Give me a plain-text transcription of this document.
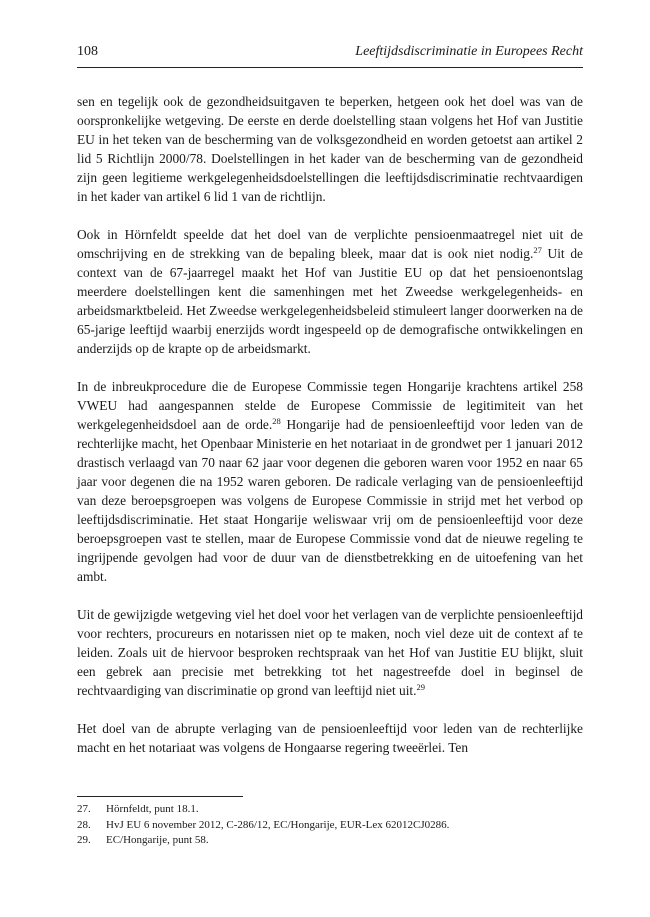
108	Leeftijdsdiscriminatie in Europees Recht

sen en tegelijk ook de gezondheidsuitgaven te beperken, hetgeen ook het doel was van de oorspronkelijke wetgeving. De eerste en derde doelstelling staan volgens het Hof van Justitie EU in het teken van de bescherming van de volksgezondheid en worden getoetst aan artikel 2 lid 5 Richtlijn 2000/78. Doelstellingen in het kader van de bescherming van de gezondheid zijn geen legitieme werkgelegenheidsdoelstellingen die leeftijdsdiscriminatie rechtvaardigen in het kader van artikel 6 lid 1 van de richtlijn.

Ook in Hörnfeldt speelde dat het doel van de verplichte pensioenmaatregel niet uit de omschrijving en de strekking van de bepaling bleek, maar dat is ook niet nodig.$^{27}$ Uit de context van de 67-jaarregel maakt het Hof van Justitie EU op dat het pensioenontslag meerdere doelstellingen kent die samenhingen met het Zweedse werkgelegenheids- en arbeidsmarktbeleid. Het Zweedse werkgelegenheidsbeleid stimuleert langer doorwerken na de 65-jarige leeftijd waarbij enerzijds wordt ingespeeld op de demografische ontwikkelingen en anderzijds op de krapte op de arbeidsmarkt.

In de inbreukprocedure die de Europese Commissie tegen Hongarije krachtens artikel 258 VWEU had aangespannen stelde de Europese Commissie de legitimiteit van het werkgelegenheidsdoel aan de orde.$^{28}$ Hongarije had de pensioenleeftijd voor leden van de rechterlijke macht, het Openbaar Ministerie en het notariaat in de grondwet per 1 januari 2012 drastisch verlaagd van 70 naar 62 jaar voor degenen die geboren waren voor 1952 en naar 65 jaar voor degenen die na 1952 waren geboren. De radicale verlaging van de pensioenleeftijd van deze beroepsgroepen was volgens de Europese Commissie in strijd met het verbod op leeftijdsdiscriminatie. Het staat Hongarije weliswaar vrij om de pensioenleeftijd voor deze beroepsgroepen vast te stellen, maar de Europese Commissie vond dat de nieuwe regeling te ingrijpende gevolgen had voor de duur van de dienstbetrekking en de uitoefening van het ambt.

Uit de gewijzigde wetgeving viel het doel voor het verlagen van de verplichte pensioenleeftijd voor rechters, procureurs en notarissen niet op te maken, noch viel deze uit de context af te leiden. Zoals uit de hiervoor besproken rechtspraak van het Hof van Justitie EU blijkt, sluit een gebrek aan precisie met betrekking tot het nagestreefde doel in beginsel de rechtvaardiging van discriminatie op grond van leeftijd niet uit.$^{29}$

Het doel van de abrupte verlaging van de pensioenleeftijd voor leden van de rechterlijke macht en het notariaat was volgens de Hongaarse regering tweeërlei. Ten

27.	Hörnfeldt, punt 18.1.
28.	HvJ EU 6 november 2012, C-286/12, EC/Hongarije, EUR-Lex 62012CJ0286.
29.	EC/Hongarije, punt 58.
